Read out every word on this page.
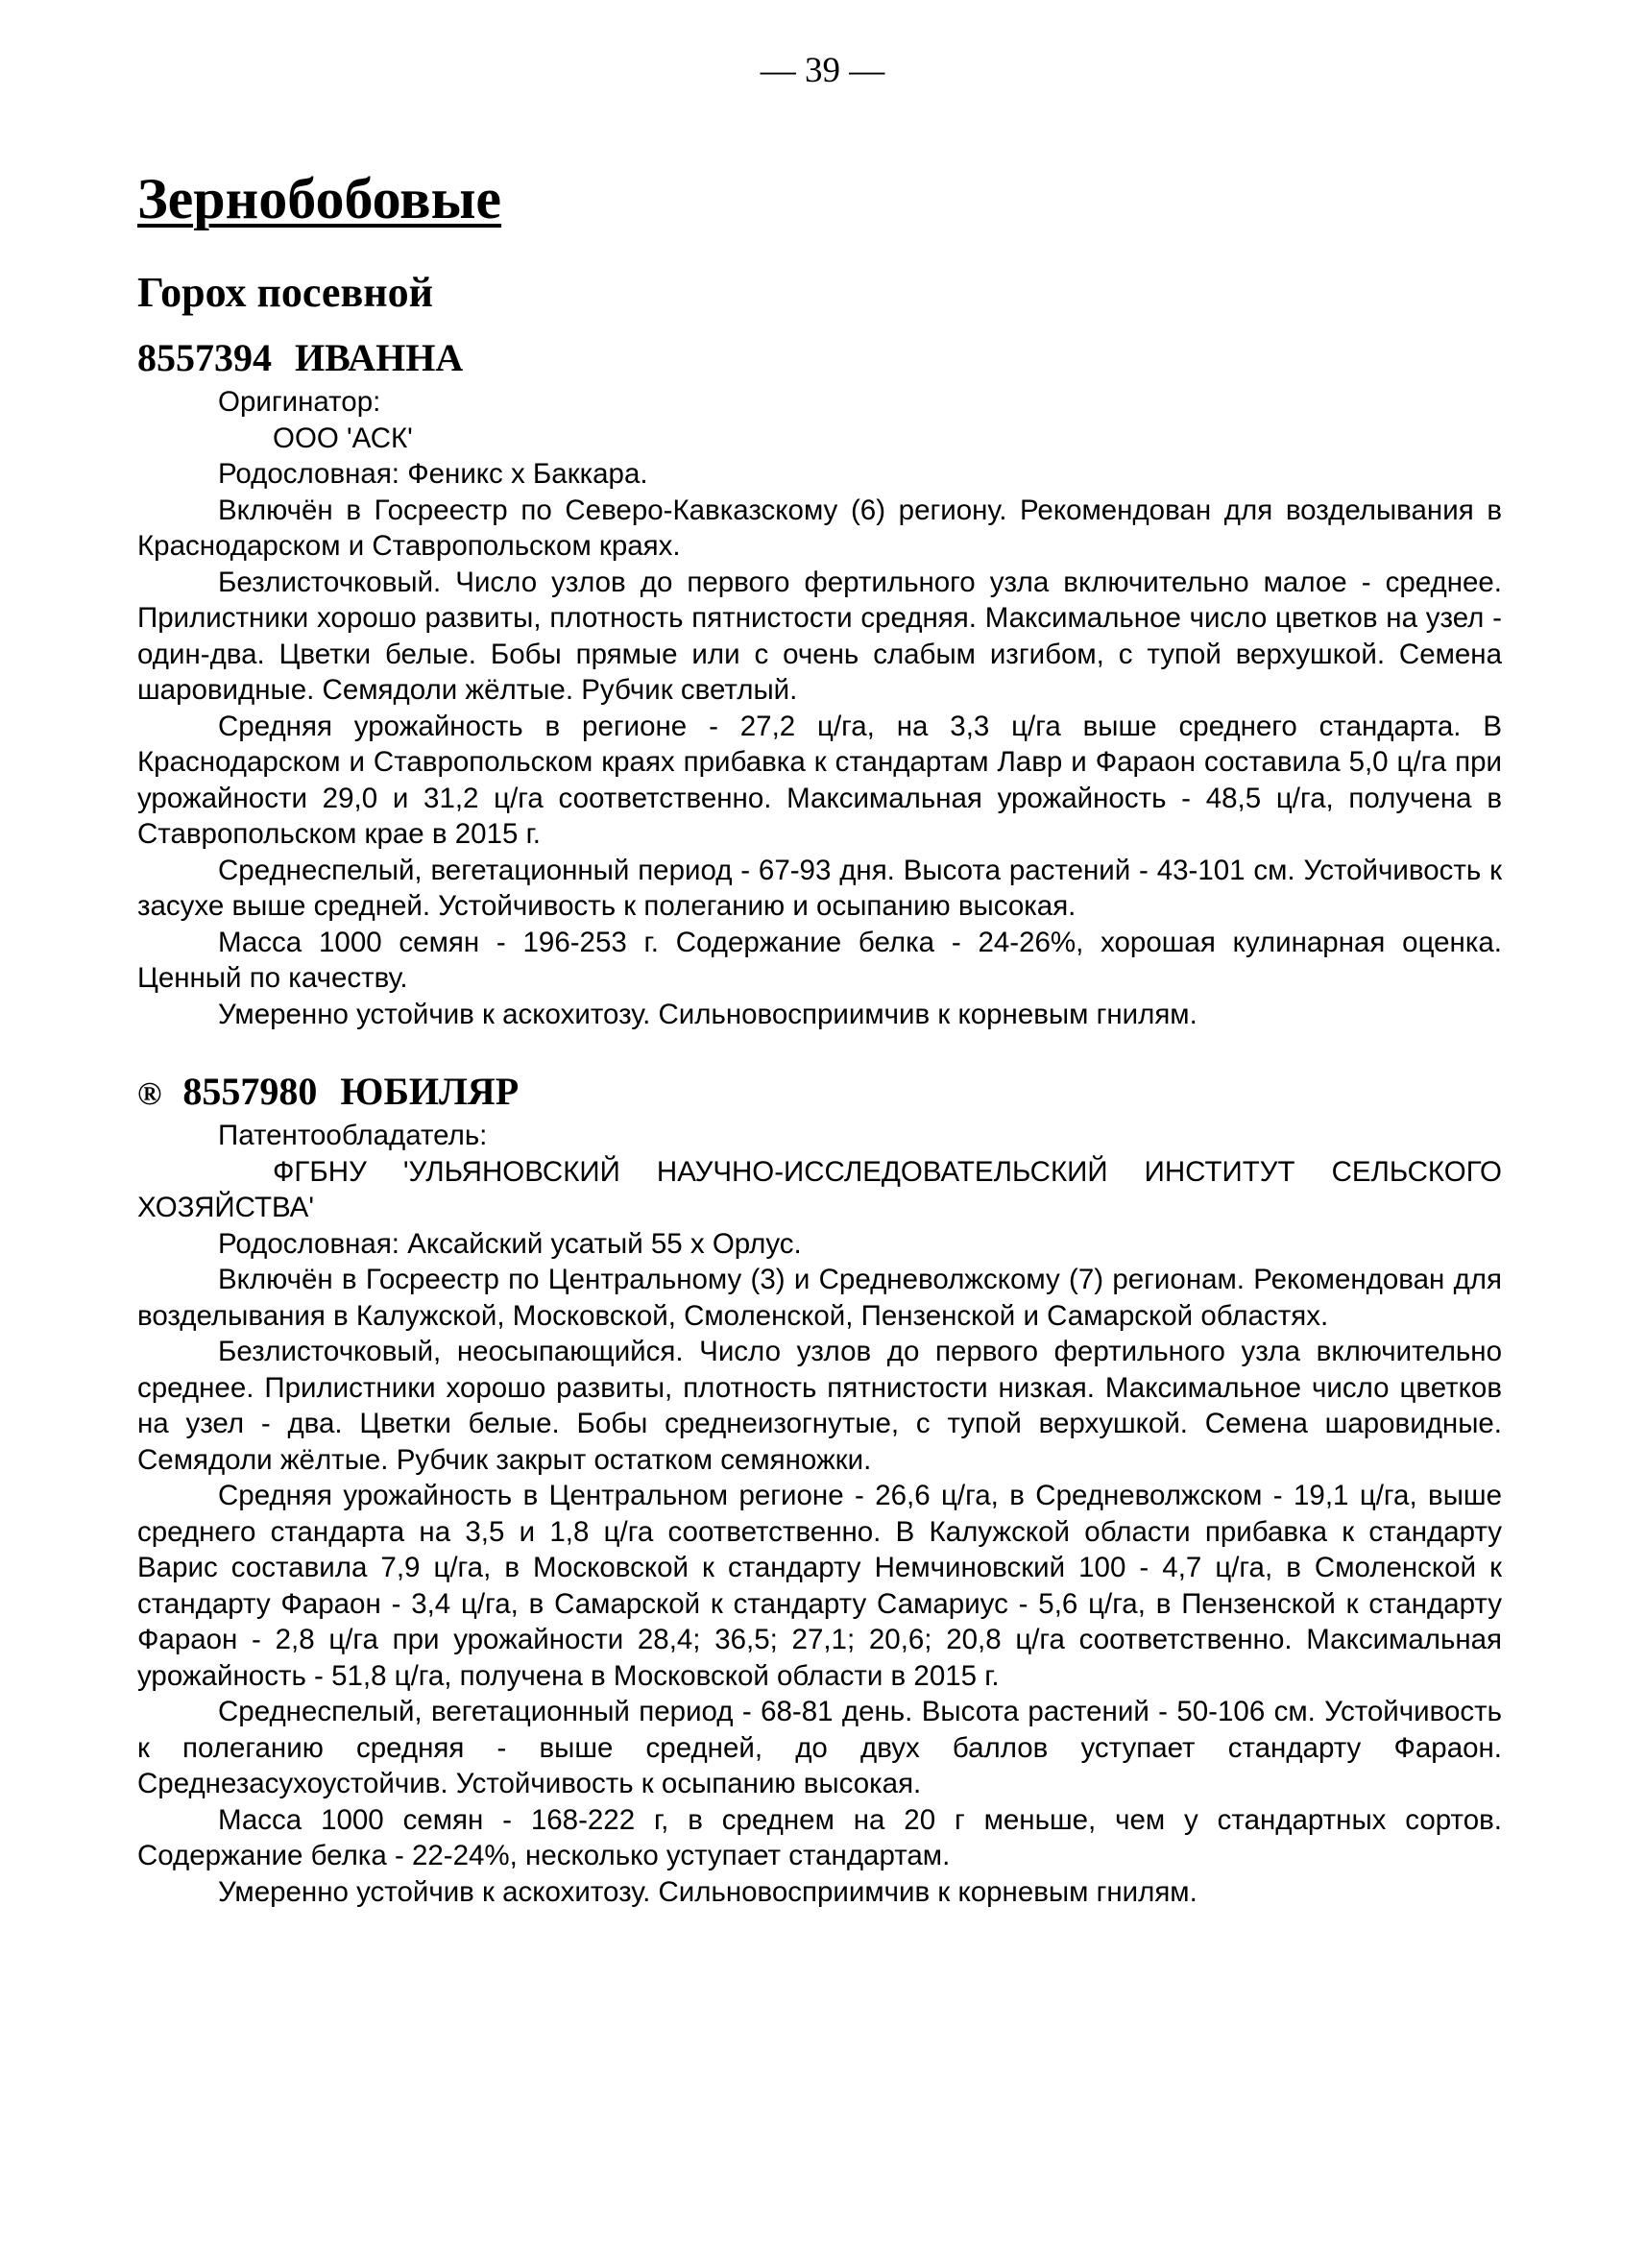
— 39 —
Зернобобовые
Горох посевной
8557394 ИВАННА

Оригинатор:

ООО 'АСК'

Родословная: Феникс х Баккара.

Включён в Госреестр по Северо-Кавказскому (6) региону. Рекомендован для возделывания в Краснодарском и Ставропольском краях.

Безлисточковый. Число узлов до первого фертильного узла включительно малое - среднее. Прилистники хорошо развиты, плотность пятнистости средняя. Максимальное число цветков на узел - один-два. Цветки белые. Бобы прямые или с очень слабым изгибом, с тупой верхушкой. Семена шаровидные. Семядоли жёлтые. Рубчик светлый.

Средняя урожайность в регионе - 27,2 ц/га, на 3,3 ц/га выше среднего стандарта. В Краснодарском и Ставропольском краях прибавка к стандартам Лавр и Фараон составила 5,0 ц/га при урожайности 29,0 и 31,2 ц/га соответственно. Максимальная урожайность - 48,5 ц/га, получена в Ставропольском крае в 2015 г.

Среднеспелый, вегетационный период - 67-93 дня. Высота растений - 43-101 см. Устойчивость к засухе выше средней. Устойчивость к полеганию и осыпанию высокая.

Масса 1000 семян - 196-253 г. Содержание белка - 24-26%, хорошая кулинарная оценка. Ценный по качеству.

Умеренно устойчив к аскохитозу. Сильновосприимчив к корневым гнилям.

® 8557980 ЮБИЛЯР

Патентообладатель:

ФГБНУ 'УЛЬЯНОВСКИЙ НАУЧНО-ИССЛЕДОВАТЕЛЬСКИЙ ИНСТИТУТ СЕЛЬСКОГО ХОЗЯЙСТВА'

Родословная: Аксайский усатый 55 х Орлус.

Включён в Госреестр по Центральному (3) и Средневолжскому (7) регионам. Рекомендован для возделывания в Калужской, Московской, Смоленской, Пензенской и Самарской областях.

Безлисточковый, неосыпающийся. Число узлов до первого фертильного узла включительно среднее. Прилистники хорошо развиты, плотность пятнистости низкая. Максимальное число цветков на узел - два. Цветки белые. Бобы среднеизогнутые, с тупой верхушкой. Семена шаровидные. Семядоли жёлтые. Рубчик закрыт остатком семяножки.

Средняя урожайность в Центральном регионе - 26,6 ц/га, в Средневолжском - 19,1 ц/га, выше среднего стандарта на 3,5 и 1,8 ц/га соответственно. В Калужской области прибавка к стандарту Варис составила 7,9 ц/га, в Московской к стандарту Немчиновский 100 - 4,7 ц/га, в Смоленской к стандарту Фараон - 3,4 ц/га, в Самарской к стандарту Самариус - 5,6 ц/га, в Пензенской к стандарту Фараон - 2,8 ц/га при урожайности 28,4; 36,5; 27,1; 20,6; 20,8 ц/га соответственно. Максимальная урожайность - 51,8 ц/га, получена в Московской области в 2015 г.

Среднеспелый, вегетационный период - 68-81 день. Высота растений - 50-106 см. Устойчивость к полеганию средняя - выше средней, до двух баллов уступает стандарту Фараон. Среднезасухоустойчив. Устойчивость к осыпанию высокая.

Масса 1000 семян - 168-222 г, в среднем на 20 г меньше, чем у стандартных сортов. Содержание белка - 22-24%, несколько уступает стандартам.

Умеренно устойчив к аскохитозу. Сильновосприимчив к корневым гнилям.
